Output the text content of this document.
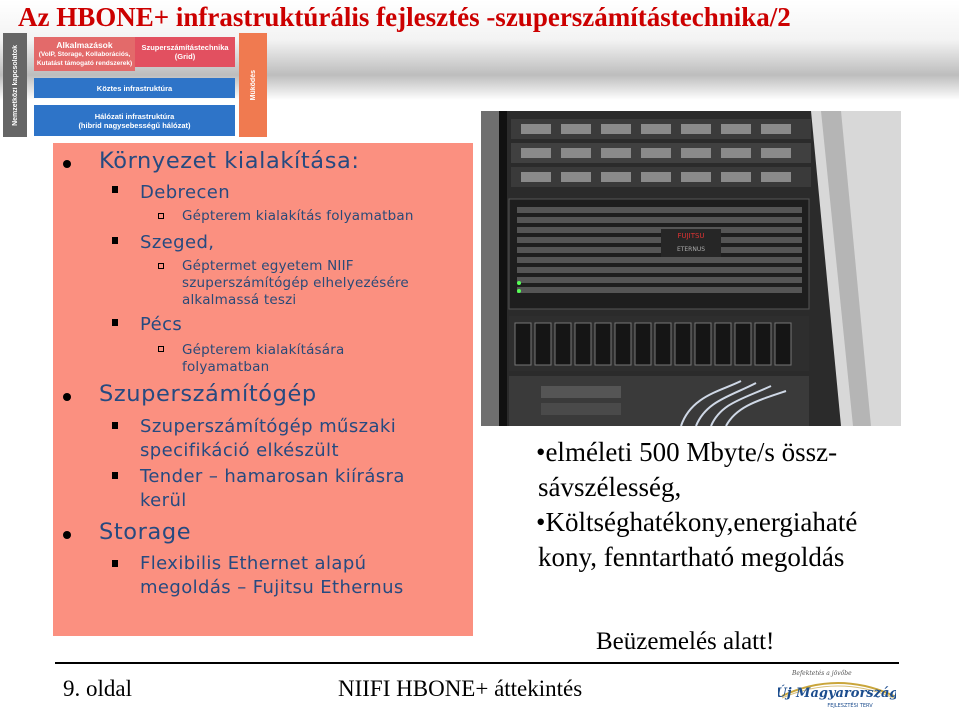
Az HBONE+ infrastruktúrális fejlesztés -szuperszámítástechnika/2
Nemzetközi kapcsolatok
Alkalmazások
(VoIP, Storage, Kollaborációs,
Kutatást támogató rendszerek)
Szuperszámítástechnika
(Grid)
Köztes infrastruktúra
Hálózati infrastruktúra
(hibrid nagysebességű hálózat)
Működés
Környezet kialakítása:
Debrecen
Gépterem kialakítás folyamatban
Szeged,
Géptermet egyetem NIIF
szuperszámítógép elhelyezésére
alkalmassá teszi
Pécs
Gépterem kialakítására
folyamatban
Szuperszámítógép
Szuperszámítógép műszaki
specifikáció elkészült
Tender – hamarosan kiírásra
kerül
Storage
Flexibilis Ethernet alapú
megoldás – Fujitsu Ethernus
FUJITSU
ETERNUS
•elméleti 500 Mbyte/s össz-
sávszélesség,
•Költséghatékony,energiahaté
kony, fenntartható megoldás
Beüzemelés alatt!
9. oldal	NIIFI HBONE+ áttekintés
Befektetés a jövőbe
Új Magyarország
FEJLESZTÉSI TERV
